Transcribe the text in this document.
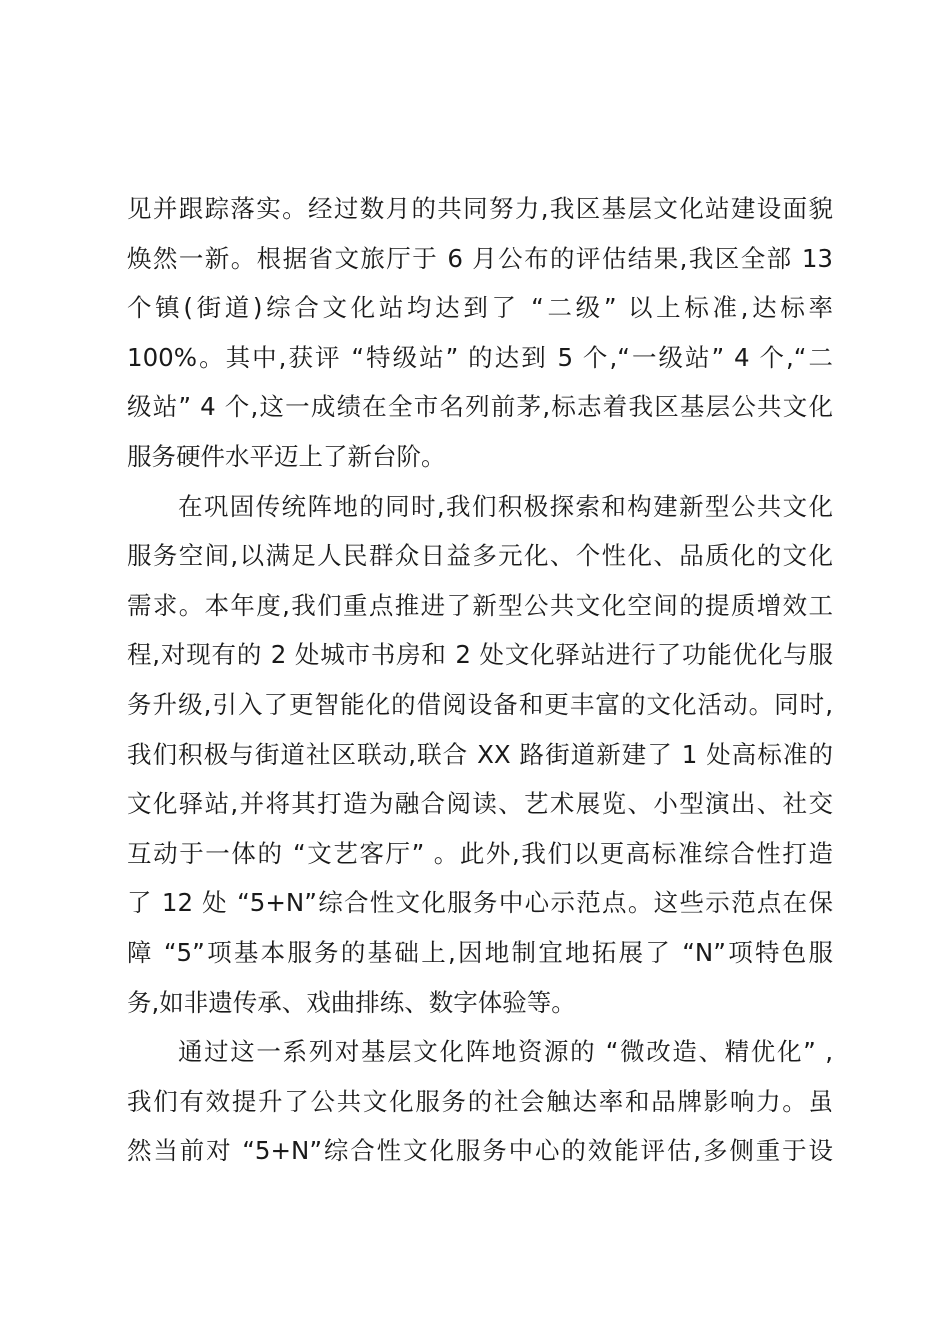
见并跟踪落实。经过数月的共同努力,我区基层文化站建设面貌
焕然一新。根据省文旅厅于 6 月公布的评估结果,我区全部 13
个镇(街道)综合文化站均达到了 “二级” 以上标准,达标率
100%。其中,获评 “特级站” 的达到 5 个,“一级站” 4 个,“二
级站” 4 个,这一成绩在全市名列前茅,标志着我区基层公共文化
服务硬件水平迈上了新台阶。
在巩固传统阵地的同时,我们积极探索和构建新型公共文化
服务空间,以满足人民群众日益多元化、个性化、品质化的文化
需求。本年度,我们重点推进了新型公共文化空间的提质增效工
程,对现有的 2 处城市书房和 2 处文化驿站进行了功能优化与服
务升级,引入了更智能化的借阅设备和更丰富的文化活动。同时,
我们积极与街道社区联动,联合 XX 路街道新建了 1 处高标准的
文化驿站,并将其打造为融合阅读、艺术展览、小型演出、社交
互动于一体的 “文艺客厅” 。此外,我们以更高标准综合性打造
了 12 处 “5+N”综合性文化服务中心示范点。这些示范点在保
障 “5”项基本服务的基础上,因地制宜地拓展了 “N”项特色服
务,如非遗传承、戏曲排练、数字体验等。
通过这一系列对基层文化阵地资源的 “微改造、精优化” ,
我们有效提升了公共文化服务的社会触达率和品牌影响力。虽
然当前对 “5+N”综合性文化服务中心的效能评估,多侧重于设
